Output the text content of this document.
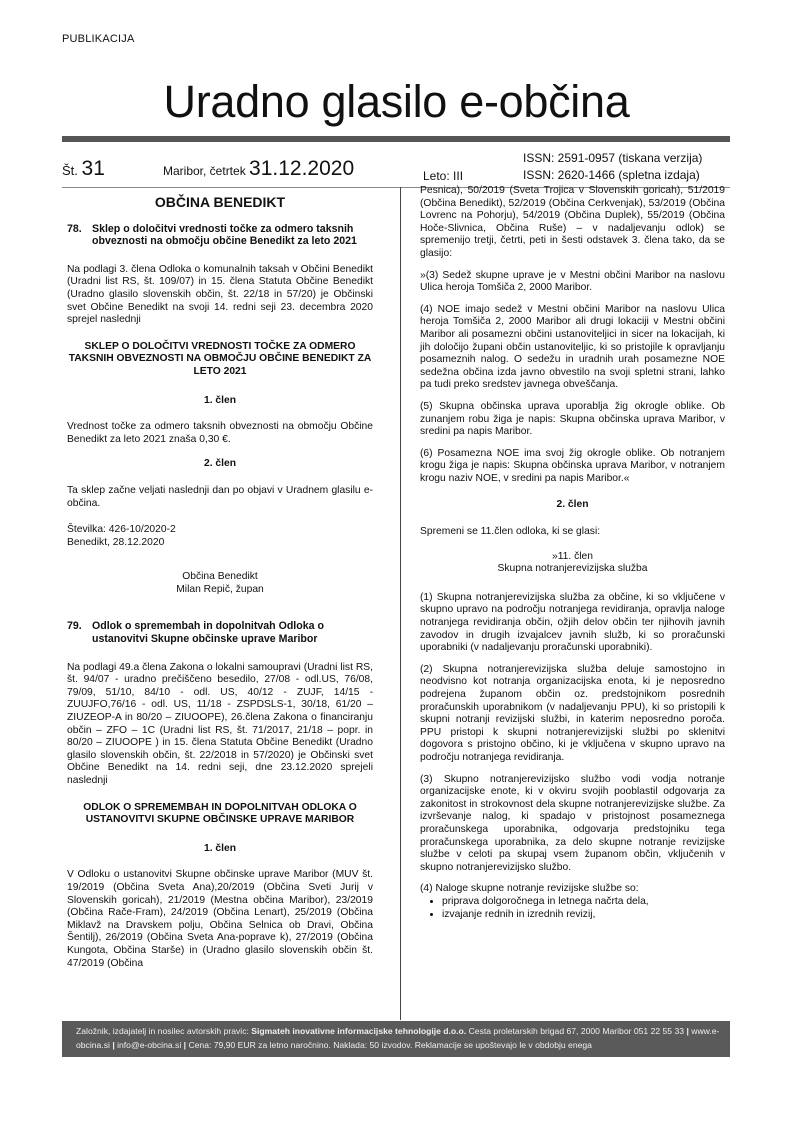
PUBLIKACIJA
Uradno glasilo e-občina
Št. 31	Maribor, četrtek 31.12.2020	Leto: III
ISSN: 2591-0957 (tiskana verzija)
ISSN: 2620-1466 (spletna izdaja)
OBČINA BENEDIKT
78. Sklep o določitvi vrednosti točke za odmero taksnih obveznosti na območju občine Benedikt za leto 2021

Na podlagi 3. člena Odloka o komunalnih taksah v Občini Benedikt (Uradni list RS, št. 109/07) in 15. člena Statuta Občine Benedikt (Uradno glasilo slovenskih občin, št. 22/18 in 57/20) je Občinski svet Občine Benedikt na svoji 14. redni seji 23. decembra 2020 sprejel naslednji

SKLEP O DOLOČITVI VREDNOSTI TOČKE ZA ODMERO TAKSNIH OBVEZNOSTI NA OBMOČJU OBČINE BENEDIKT ZA LETO 2021
1. člen

Vrednost točke za odmero taksnih obveznosti na območju Občine Benedikt za leto 2021 znaša 0,30 €.

2. člen

Ta sklep začne veljati naslednji dan po objavi v Uradnem glasilu e-občina.

Številka: 426-10/2020-2
Benedikt, 28.12.2020
Občina Benedikt
Milan Repič, župan
79. Odlok o spremembah in dopolnitvah Odloka o ustanovitvi Skupne občinske uprave Maribor

Na podlagi 49.a člena Zakona o lokalni samoupravi (Uradni list RS, št. 94/07 - uradno prečiščeno besedilo, 27/08 - odl.US, 76/08, 79/09, 51/10, 84/10 - odl. US, 40/12 - ZUJF, 14/15 - ZUUJFO,76/16 - odl. US, 11/18 - ZSPDSLS-1, 30/18, 61/20 – ZIUZEOP-A in 80/20 – ZIUOOPE), 26.člena Zakona o financiranju občin – ZFO – 1C (Uradni list RS, št. 71/2017, 21/18 – popr. in 80/20 – ZIUOOPE ) in 15. člena Statuta Občine Benedikt (Uradno glasilo slovenskih občin, št. 22/2018 in 57/2020) je Občinski svet Občine Benedikt na 14. redni seji, dne 23.12.2020 sprejeli naslednji

ODLOK O SPREMEMBAH IN DOPOLNITVAH ODLOKA O USTANOVITVI SKUPNE OBČINSKE UPRAVE MARIBOR
1. člen

V Odloku o ustanovitvi Skupne občinske uprave Maribor (MUV št. 19/2019 (Občina Sveta Ana),20/2019 (Občina Sveti Jurij v Slovenskih goricah), 21/2019 (Mestna občina Maribor), 23/2019 (Občina Rače-Fram), 24/2019 (Občina Lenart), 25/2019 (Občina Miklavž na Dravskem polju, Občina Selnica ob Dravi, Občina Šentilj), 26/2019 (Občina Sveta Ana-poprave k), 27/2019 (Občina Kungota, Občina Starše) in (Uradno glasilo slovenskih občin št. 47/2019 (Občina

Pesnica), 50/2019 (Sveta Trojica v Slovenskih goricah), 51/2019 (Občina Benedikt), 52/2019 (Občina Cerkvenjak), 53/2019 (Občina Lovrenc na Pohorju), 54/2019 (Občina Duplek), 55/2019 (Občina Hoče-Slivnica, Občina Ruše) – v nadaljevanju odlok) se spremenijo tretji, četrti, peti in šesti odstavek 3. člena tako, da se glasijo:

»(3) Sedež skupne uprave je v Mestni občini Maribor na naslovu Ulica heroja Tomšiča 2, 2000 Maribor.

(4) NOE imajo sedež v Mestni občini Maribor na naslovu Ulica heroja Tomšiča 2, 2000 Maribor ali drugi lokaciji v Mestni občini Maribor ali posamezni občini ustanoviteljici in sicer na lokacijah, ki jih določijo župani občin ustanoviteljic, ki so pristojile k opravljanju posameznih nalog. O sedežu in uradnih urah posamezne NOE sedežna občina izda javno obvestilo na svoji spletni strani, lahko pa tudi preko sredstev javnega obveščanja.

(5) Skupna občinska uprava uporablja žig okrogle oblike. Ob zunanjem robu žiga je napis: Skupna občinska uprava Maribor, v sredini pa napis Maribor.

(6) Posamezna NOE ima svoj žig okrogle oblike. Ob notranjem krogu žiga je napis: Skupna občinska uprava Maribor, v notranjem krogu naziv NOE, v sredini pa napis Maribor.«

2. člen

Spremeni se 11.člen odloka, ki se glasi:

»11. člen
Skupna notranjerevizijska služba

(1) Skupna notranjerevizijska služba za občine, ki so vključene v skupno upravo na področju notranjega revidiranja, opravlja naloge notranjega revidiranja občin, ožjih delov občin ter njihovih javnih zavodov in drugih izvajalcev javnih služb, ki so proračunski uporabniki (v nadaljevanju proračunski uporabniki).

(2) Skupna notranjerevizijska služba deluje samostojno in neodvisno kot notranja organizacijska enota, ki je neposredno podrejena županom občin oz. predstojnikom posrednih proračunskih uporabnikom (v nadaljevanju PPU), ki so pristopili k skupni notranji revizijski službi, in katerim neposredno poroča. PPU pristopi k skupni notranjerevizijski službi po sklenitvi dogovora s pristojno občino, ki je vključena v skupno upravo na področju notranjega revidiranja.

(3) Skupno notranjerevizijsko službo vodi vodja notranje organizacijske enote, ki v okviru svojih pooblastil odgovarja za zakonitost in strokovnost dela skupne notranjerevizijske službe. Za izvrševanje nalog, ki spadajo v pristojnost posameznega proračunskega uporabnika, odgovarja predstojniku tega proračunskega uporabnika, za delo skupne notranje revizijske službe v celoti pa skupaj vsem županom občin, vključenih v skupno notranjerevizijsko službo.

(4) Naloge skupne notranje revizijske službe so:
• pripravа dolgoročnega in letnega načrta dela,
• izvajanje rednih in izrednih revizij,
Založnik, izdajatelj in nosilec avtorskih pravic: Sigmateh inovativne informacijske tehnologije d.o.o. Cesta proletarskih brigad 67, 2000 Maribor 051 22 55 33 | www.e-obcina.si | info@e-obcina.si | Cena: 79,90 EUR za letno naročnino. Naklada: 50 izvodov. Reklamacije se upoštevajo le v obdobju enega
